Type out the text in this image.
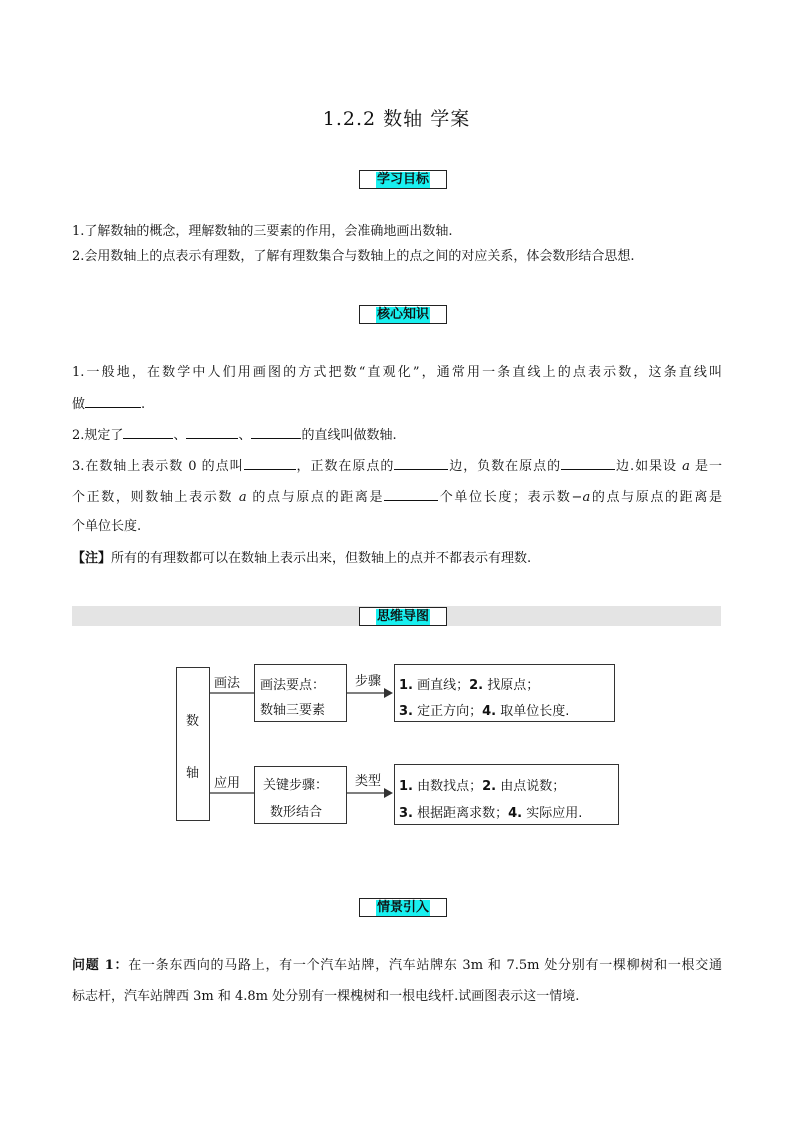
1.2.2 数轴 学案
学习目标
1.了解数轴的概念，理解数轴的三要素的作用，会准确地画出数轴.
2.会用数轴上的点表示有理数，了解有理数集合与数轴上的点之间的对应关系，体会数形结合思想.
核心知识
1.一般地，在数学中人们用画图的方式把数“直观化”，通常用一条直线上的点表示数，这条直线叫
做	.
2.规定了	、	、	的直线叫做数轴.
3.在数轴上表示数 0 的点叫	，正数在原点的	边，负数在原点的	边.如果设 a 是一
个正数，则数轴上表示数 a 的点与原点的距离是	个单位长度；表示数−a的点与原点的距离是
个单位长度.
【注】所有的有理数都可以在数轴上表示出来，但数轴上的点并不都表示有理数.
思维导图
数
轴
画法
应用
画法要点：
数轴三要素
关键步骤：
数形结合
步骤
类型
1. 画直线；2. 找原点；
3. 定正方向；4. 取单位长度.
1. 由数找点；2. 由点说数；
3. 根据距离求数；4. 实际应用.
情景引入
问题 1：在一条东西向的马路上，有一个汽车站牌，汽车站牌东 3m 和 7.5m 处分别有一棵柳树和一根交通
标志杆，汽车站牌西 3m 和 4.8m 处分别有一棵槐树和一根电线杆.试画图表示这一情境.
